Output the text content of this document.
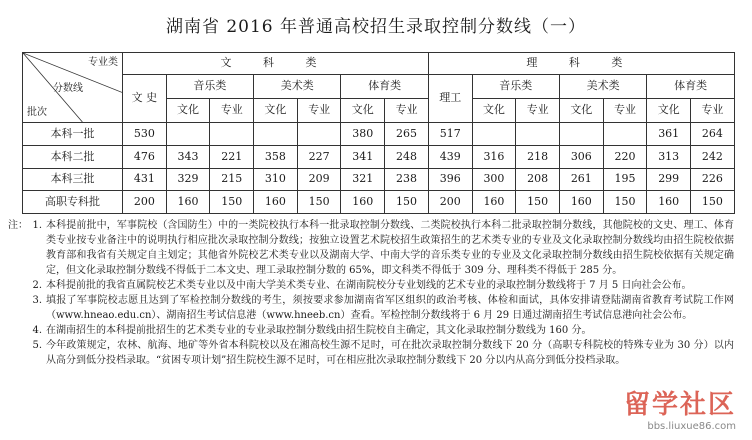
湖南省 2016 年普通高校招生录取控制分数线（一）
专业类
分数线
批次	文 科 类							理 科 类						
	文 史	音乐类		美术类		体育类		理工	音乐类		美术类		体育类	
		文化	专业	文化	专业	文化	专业		文化	专业	文化	专业	文化	专业
本科一批	530					380	265	517					361	264
本科二批	476	343	221	358	227	341	248	439	316	218	306	220	313	242
本科三批	431	329	215	310	209	321	238	396	300	208	261	195	299	226
高职专科批	200	160	150	160	150	160	150	200	160	150	160	150	160	150
注： 1. 本科提前批中，军事院校（含国防生）中的一类院校执行本科一批录取控制分数线、二类院校执行本科二批录取控制分数线，其他院校的文史、理工、体育类专业按专业备注中的说明执行相应批次录取控制分数线；按独立设置艺术院校招生政策招生的艺术类专业的专业及文化录取控制分数线均由招生院校依据教育部和我省有关规定自主划定；其他省外院校艺术类专业以及湖南大学、中南大学的音乐类专业的专业及文化录取控制分数线由招生院校依据有关规定确定，但文化录取控制分数线不得低于二本文史、理工录取控制分数的 65%，即文科类不得低于 309 分、理科类不得低于 285 分。
2. 本科提前批的我省直属院校艺术类专业以及中南大学美术类专业、在湖南院校分专业划线的艺术专业的录取控制分数线将于 7 月 5 日向社会公布。
3. 填报了军事院校志愿且达到了军检控制分数线的考生，须按要求参加湖南省军区组织的政治考核、体检和面试，具体安排请登陆湖南省教育考试院工作网（www.hneao.edu.cn）、湖南招生考试信息港（www.hneeb.cn）查看。军检控制分数线将于 6 月 29 日通过湖南招生考试信息港向社会公布。
4. 在湖南招生的本科提前批招生的艺术类专业的专业录取控制分数线由招生院校自主确定，其文化录取控制分数线为 160 分。
5. 今年政策规定，农林、航海、地矿等外省本科院校以及在湘高校生源不足时，可在批次录取控制分数线下 20 分（高职专科院校的特殊专业为 30 分）以内从高分到低分投档录取。“贫困专项计划”招生院校生源不足时，可在相应批次录取控制分数线下 20 分以内从高分到低分投档录取。
留学社区
bbs.liuxue86.com
